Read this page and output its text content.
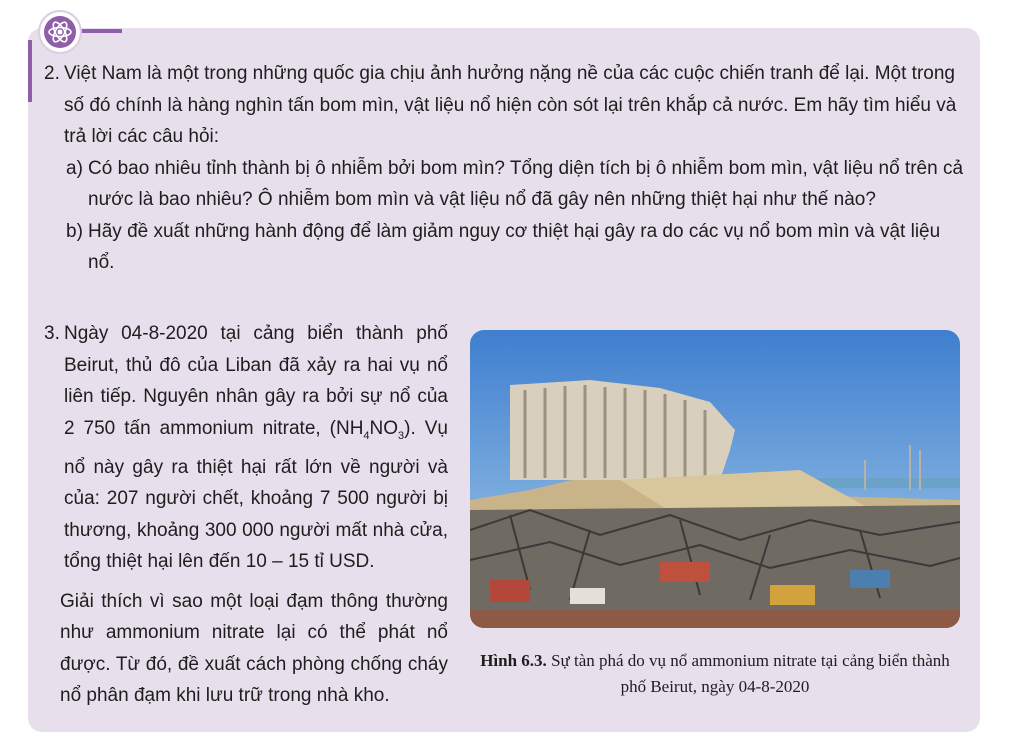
2. Việt Nam là một trong những quốc gia chịu ảnh hưởng nặng nề của các cuộc chiến tranh để lại. Một trong số đó chính là hàng nghìn tấn bom mìn, vật liệu nổ hiện còn sót lại trên khắp cả nước. Em hãy tìm hiểu và trả lời các câu hỏi:
a) Có bao nhiêu tỉnh thành bị ô nhiễm bởi bom mìn? Tổng diện tích bị ô nhiễm bom mìn, vật liệu nổ trên cả nước là bao nhiêu? Ô nhiễm bom mìn và vật liệu nổ đã gây nên những thiệt hại như thế nào?
b) Hãy đề xuất những hành động để làm giảm nguy cơ thiệt hại gây ra do các vụ nổ bom mìn và vật liệu nổ.
3. Ngày 04-8-2020 tại cảng biển thành phố Beirut, thủ đô của Liban đã xảy ra hai vụ nổ liên tiếp. Nguyên nhân gây ra bởi sự nổ của 2 750 tấn ammonium nitrate, $(NH_4NO_3)$. Vụ nổ này gây ra thiệt hại rất lớn về người và của: 207 người chết, khoảng 7 500 người bị thương, khoảng 300 000 người mất nhà cửa, tổng thiệt hại lên đến 10 – 15 tỉ USD.
Giải thích vì sao một loại đạm thông thường như ammonium nitrate lại có thể phát nổ được. Từ đó, đề xuất cách phòng chống cháy nổ phân đạm khi lưu trữ trong nhà kho.
Hình 6.3. Sự tàn phá do vụ nổ ammonium nitrate tại cảng biển thành phố Beirut, ngày 04-8-2020
